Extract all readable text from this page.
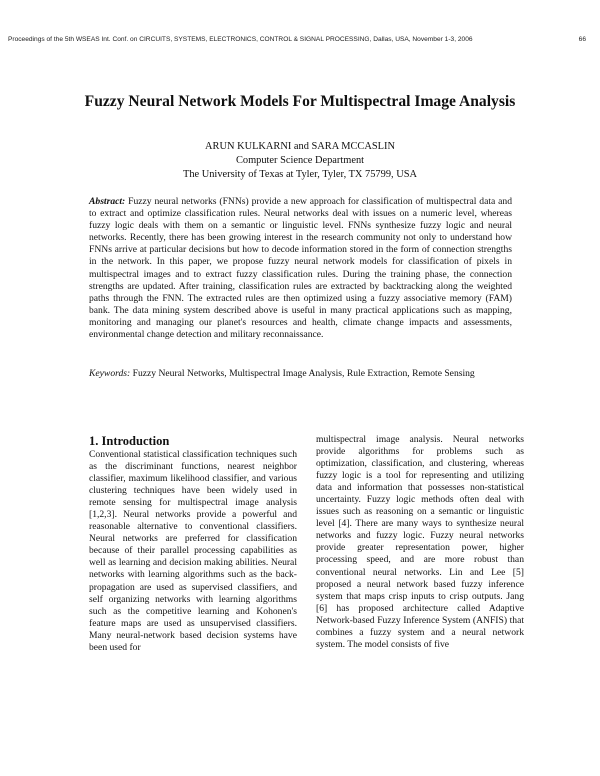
Proceedings of the 5th WSEAS Int. Conf. on CIRCUITS, SYSTEMS, ELECTRONICS, CONTROL & SIGNAL PROCESSING, Dallas, USA, November 1-3, 2006	66
Fuzzy Neural Network Models For Multispectral Image Analysis
ARUN KULKARNI and SARA MCCASLIN
Computer Science Department
The University of Texas at Tyler, Tyler, TX 75799, USA
Abstract: Fuzzy neural networks (FNNs) provide a new approach for classification of multispectral data and to extract and optimize classification rules. Neural networks deal with issues on a numeric level, whereas fuzzy logic deals with them on a semantic or linguistic level. FNNs synthesize fuzzy logic and neural networks. Recently, there has been growing interest in the research community not only to understand how FNNs arrive at particular decisions but how to decode information stored in the form of connection strengths in the network. In this paper, we propose fuzzy neural network models for classification of pixels in multispectral images and to extract fuzzy classification rules. During the training phase, the connection strengths are updated. After training, classification rules are extracted by backtracking along the weighted paths through the FNN. The extracted rules are then optimized using a fuzzy associative memory (FAM) bank. The data mining system described above is useful in many practical applications such as mapping, monitoring and managing our planet's resources and health, climate change impacts and assessments, environmental change detection and military reconnaissance.
Keywords: Fuzzy Neural Networks, Multispectral Image Analysis, Rule Extraction, Remote Sensing
1. Introduction

Conventional statistical classification techniques such as the discriminant functions, nearest neighbor classifier, maximum likelihood classifier, and various clustering techniques have been widely used in remote sensing for multispectral image analysis [1,2,3]. Neural networks provide a powerful and reasonable alternative to conventional classifiers. Neural networks are preferred for classification because of their parallel processing capabilities as well as learning and decision making abilities. Neural networks with learning algorithms such as the back-propagation are used as supervised classifiers, and self organizing networks with learning algorithms such as the competitive learning and Kohonen's feature maps are used as unsupervised classifiers. Many neural-network based decision systems have been used for

multispectral image analysis. Neural networks provide algorithms for problems such as optimization, classification, and clustering, whereas fuzzy logic is a tool for representing and utilizing data and information that possesses non-statistical uncertainty. Fuzzy logic methods often deal with issues such as reasoning on a semantic or linguistic level [4]. There are many ways to synthesize neural networks and fuzzy logic. Fuzzy neural networks provide greater representation power, higher processing speed, and are more robust than conventional neural networks. Lin and Lee [5] proposed a neural network based fuzzy inference system that maps crisp inputs to crisp outputs. Jang [6] has proposed architecture called Adaptive Network-based Fuzzy Inference System (ANFIS) that combines a fuzzy system and a neural network system. The model consists of five
